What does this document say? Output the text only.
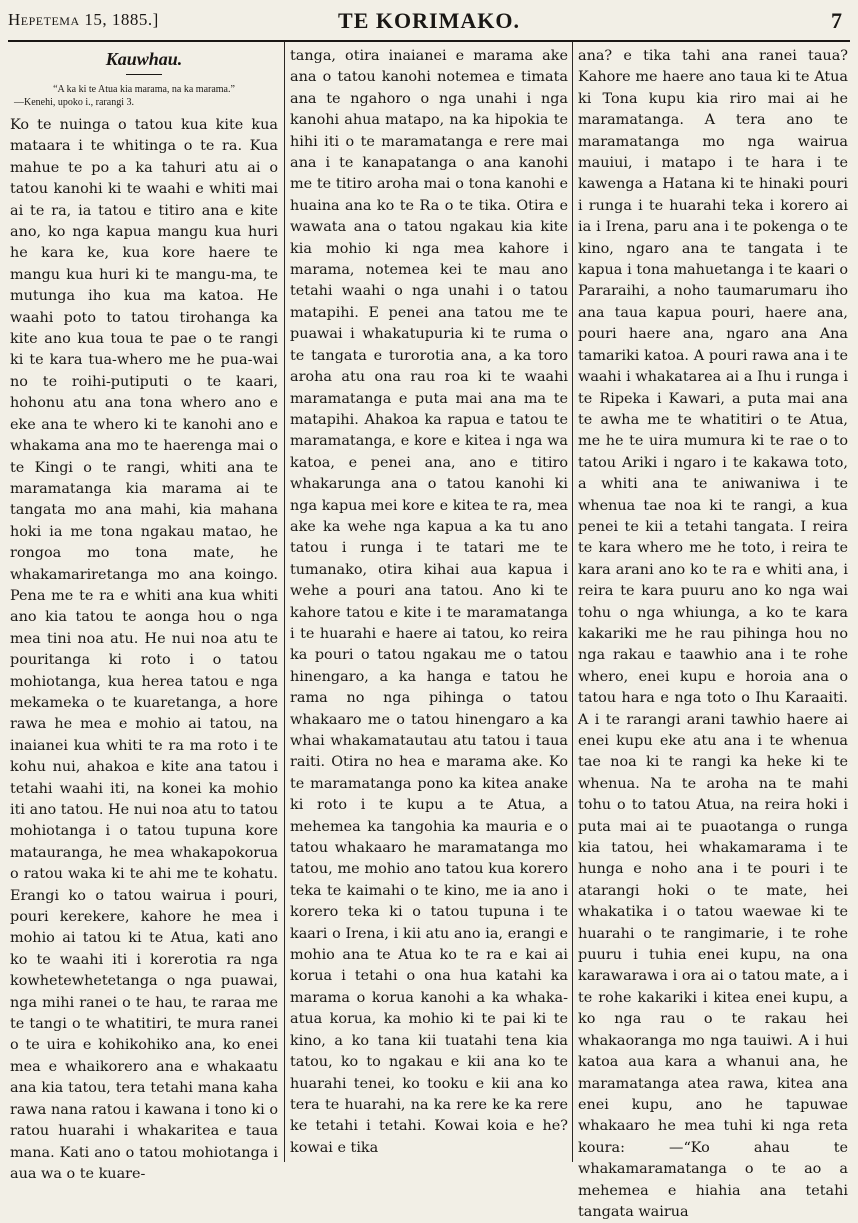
Hepetema 15, 1885.]	TE KORIMAKO.	7
Kauwhau.
“A ka ki te Atua kia marama, na ka marama.”
—Kenehi, upoko i., rarangi 3.

Ko te nuinga o tatou kua kite kua mataara i te whitinga o te ra. Kua mahue te po a ka tahuri atu ai o tatou kanohi ki te waahi e whiti mai ai te ra, ia tatou e titiro ana e kite ano, ko nga kapua mangu kua huri he kara ke, kua kore haere te mangu kua huri ki te mangu-ma, te mutunga iho kua ma katoa. He waahi poto to tatou tirohanga ka kite ano kua toua te pae o te rangi ki te kara tua-whero me he pua-wai no te roihi-putiputi o te kaari, hohonu atu ana tona whero ano e eke ana te whero ki te kanohi ano e whakama ana mo te haerenga mai o te Kingi o te rangi, whiti ana te maramatanga kia marama ai te tangata mo ana mahi, kia mahana hoki ia me tona ngakau matao, he rongoa mo tona mate, he whakamariretanga mo ana koingo. Pena me te ra e whiti ana kua whiti ano kia tatou te aonga hou o nga mea tini noa atu. He nui noa atu te pouritanga ki roto i o tatou mohiotanga, kua herea tatou e nga mekameka o te kuaretanga, a hore rawa he mea e mohio ai tatou, na inaianei kua whiti te ra ma roto i te kohu nui, ahakoa e kite ana tatou i tetahi waahi iti, na konei ka mohio iti ano tatou. He nui noa atu to tatou mohiotanga i o tatou tupuna kore matauranga, he mea whakapokorua o ratou waka ki te ahi me te kohatu. Erangi ko o tatou wairua i pouri, pouri kerekere, kahore he mea i mohio ai tatou ki te Atua, kati ano ko te waahi iti i korerotia ra nga kowhetewhetetanga o nga puawai, nga mihi ranei o te hau, te raraa me te tangi o te whatitiri, te mura ranei o te uira e kohikohiko ana, ko enei mea e whaikorero ana e whakaatu ana kia tatou, tera tetahi mana kaha rawa nana ratou i kawana i tono ki o ratou huarahi i whakaritea e taua mana. Kati ano o tatou mohiotanga i aua wa o te kuare-

tanga, otira inaianei e marama ake ana o tatou kanohi notemea e timata ana te ngahoro o nga unahi i nga kanohi ahua matapo, na ka hipokia te hihi iti o te maramatanga e rere mai ana i te kanapatanga o ana kanohi me te titiro aroha mai o tona kanohi e huaina ana ko te Ra o te tika. Otira e wawata ana o tatou ngakau kia kite kia mohio ki nga mea kahore i marama, notemea kei te mau ano tetahi waahi o nga unahi i o tatou matapihi. E penei ana tatou me te puawai i whakatupuria ki te ruma o te tangata e turorotia ana, a ka toro aroha atu ona rau roa ki te waahi maramatanga e puta mai ana ma te matapihi. Ahakoa ka rapua e tatou te maramatanga, e kore e kitea i nga wa katoa, e penei ana, ano e titiro whakarunga ana o tatou kanohi ki nga kapua mei kore e kitea te ra, mea ake ka wehe nga kapua a ka tu ano tatou i runga i te tatari me te tumanako, otira kihai aua kapua i wehe a pouri ana tatou. Ano ki te kahore tatou e kite i te maramatanga i te huarahi e haere ai tatou, ko reira ka pouri o tatou ngakau me o tatou hinengaro, a ka hanga e tatou he rama no nga pihinga o tatou whakaaro me o tatou hinengaro a ka whai whakamatautau atu tatou i taua raiti. Otira no hea e marama ake. Ko te maramatanga pono ka kitea anake ki roto i te kupu a te Atua, a mehemea ka tangohia ka mauria e o tatou whakaaro he maramatanga mo tatou, me mohio ano tatou kua korero teka te kaimahi o te kino, me ia ano i korero teka ki o tatou tupuna i te kaari o Irena, i kii atu ano ia, erangi e mohio ana te Atua ko te ra e kai ai korua i tetahi o ona hua katahi ka marama o korua kanohi a ka whaka-atua korua, ka mohio ki te pai ki te kino, a ko tana kii tuatahi tena kia tatou, ko to ngakau e kii ana ko te huarahi tenei, ko tooku e kii ana ko tera te huarahi, na ka rere ke ka rere ke tetahi i tetahi. Kowai koia e he? kowai e tika

ana? e tika tahi ana ranei taua? Kahore me haere ano taua ki te Atua ki Tona kupu kia riro mai ai he maramatanga. A tera ano te maramatanga mo nga wairua mauiui, i matapo i te hara i te kawenga a Hatana ki te hinaki pouri i runga i te huarahi teka i korero ai ia i Irena, paru ana i te pokenga o te kino, ngaro ana te tangata i te kapua i tona mahuetanga i te kaari o Pararaihi, a noho taumarumaru iho ana taua kapua pouri, haere ana, pouri haere ana, ngaro ana Ana tamariki katoa. A pouri rawa ana i te waahi i whakatarea ai a Ihu i runga i te Ripeka i Kawari, a puta mai ana te awha me te whatitiri o te Atua, me he te uira mumura ki te rae o to tatou Ariki i ngaro i te kakawa toto, a whiti ana te aniwaniwa i te whenua tae noa ki te rangi, a kua penei te kii a tetahi tangata. I reira te kara whero me he toto, i reira te kara arani ano ko te ra e whiti ana, i reira te kara puuru ano ko nga wai tohu o nga whiunga, a ko te kara kakariki me he rau pihinga hou no nga rakau e taawhio ana i te rohe whero, enei kupu e horoia ana o tatou hara e nga toto o Ihu Karaaiti. A i te rarangi arani tawhio haere ai enei kupu eke atu ana i te whenua tae noa ki te rangi ka heke ki te whenua. Na te aroha na te mahi tohu o to tatou Atua, na reira hoki i puta mai ai te puaotanga o runga kia tatou, hei whakamarama i te hunga e noho ana i te pouri i te atarangi hoki o te mate, hei whakatika i o tatou waewae ki te huarahi o te rangimarie, i te rohe puuru i tuhia enei kupu, na ona karawarawa i ora ai o tatou mate, a i te rohe kakariki i kitea enei kupu, a ko nga rau o te rakau hei whakaoranga mo nga tauiwi. A i hui katoa aua kara a whanui ana, he maramatanga atea rawa, kitea ana enei kupu, ano he tapuwae whakaaro he mea tuhi ki nga reta koura: —“Ko ahau te whakamaramatanga o te ao a mehemea e hiahia ana tetahi tangata wairua
